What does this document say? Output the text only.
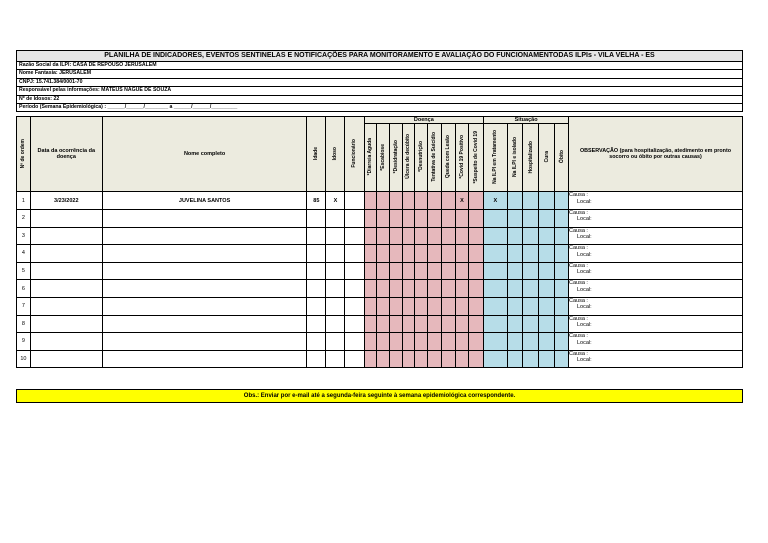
PLANILHA DE INDICADORES, EVENTOS SENTINELAS E NOTIFICAÇÕES PARA MONITORAMENTO E AVALIAÇÃO DO FUNCIONAMENTODAS ILPIs - VILA VELHA - ES
Razão Social da ILPI: CASA DE REPOUSO JERUSALEM
Nome Fantasia: JERUSALEM
CNPJ: 15.741.384/0001-70
Responsável pelas informações: MATEUS NAGUE DE SOUZA
Nº de Idosos: 22
Período (Semana Epidemiológica) : ______/______/________ a ______/______/_________
Nº de ordem	Data da ocorrência da doença	Nome completo	Idade	Idoso	Funcionário	Doença									Situação					OBSERVAÇÃO (para hospitalização, atedimento em pronto socorro ou óbito por outras causas)
						*Diarreia Aguda	*Escabiose	*Desidratação	Úlcera de decúbito	*Desnutrição	Tentativa de Suicídio	Queda com Lesão	*Covid 19 Positivo	*Suspeito de Covid 19	Na ILPI em Tratamento	Na ILPI e isolado	Hospitalizado	Cura	Óbito	
1	3/23/2022	JUVELINA SANTOS	85	X									X		X					Causa :
Local:

2																				Causa :
Local:

3																				Causa :
Local:

4																				Causa :
Local:

5																				Causa :
Local:

6																				Causa :
Local:

7																				Causa :
Local:

8																				Causa :
Local:

9																				Causa :
Local:

10																				Causa :
Local:
Obs.: Enviar por e-mail até a segunda-feira seguinte à semana epidemiológica correspondente.
